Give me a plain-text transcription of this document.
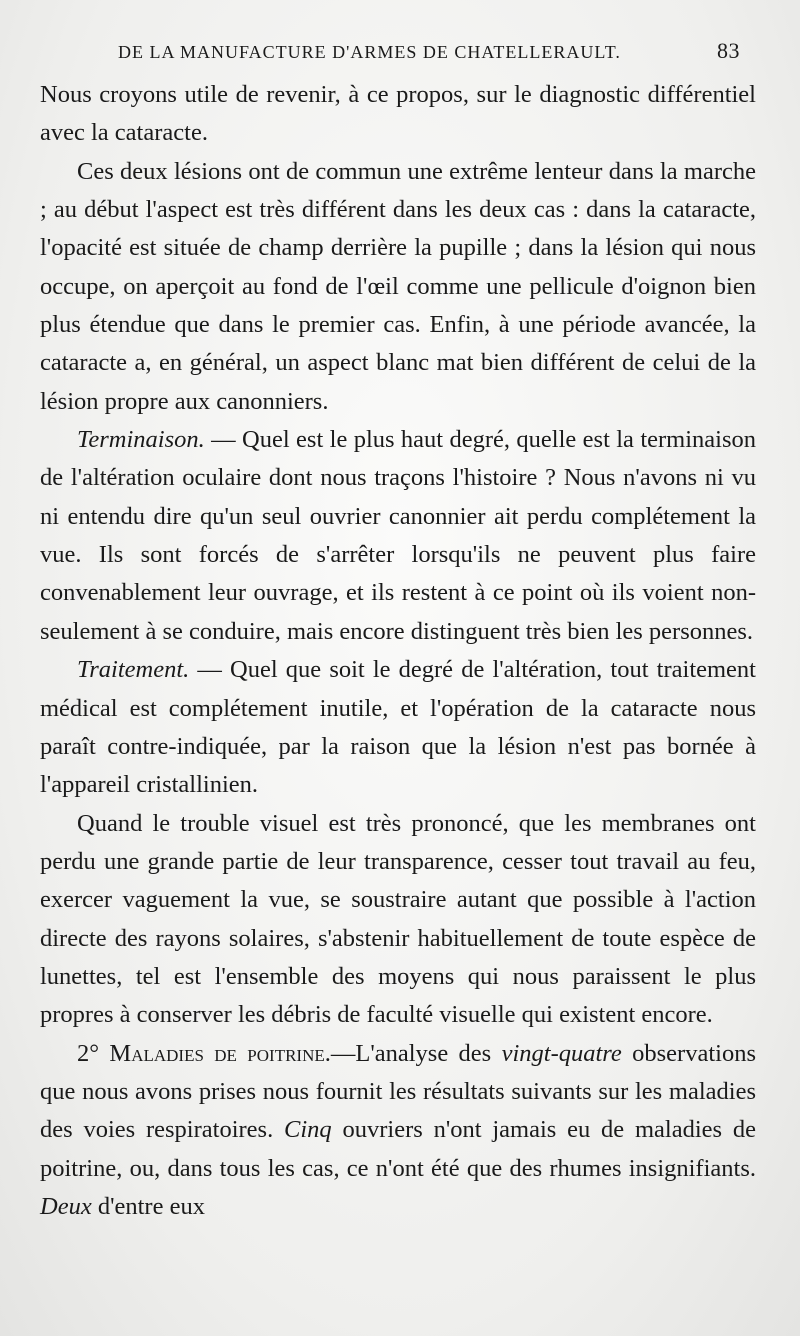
DE LA MANUFACTURE D'ARMES DE CHATELLERAULT.	83

Nous croyons utile de revenir, à ce propos, sur le diagnostic différentiel avec la cataracte.

Ces deux lésions ont de commun une extrême lenteur dans la marche ; au début l'aspect est très différent dans les deux cas : dans la cataracte, l'opacité est située de champ derrière la pupille ; dans la lésion qui nous occupe, on aperçoit au fond de l'œil comme une pellicule d'oignon bien plus étendue que dans le premier cas. Enfin, à une période avancée, la cataracte a, en général, un aspect blanc mat bien différent de celui de la lésion propre aux canonniers.

Terminaison. — Quel est le plus haut degré, quelle est la terminaison de l'altération oculaire dont nous traçons l'histoire ? Nous n'avons ni vu ni entendu dire qu'un seul ouvrier canonnier ait perdu complétement la vue. Ils sont forcés de s'arrêter lorsqu'ils ne peuvent plus faire convenablement leur ouvrage, et ils restent à ce point où ils voient non-seulement à se conduire, mais encore distinguent très bien les personnes.

Traitement. — Quel que soit le degré de l'altération, tout traitement médical est complétement inutile, et l'opération de la cataracte nous paraît contre-indiquée, par la raison que la lésion n'est pas bornée à l'appareil cristallinien.

Quand le trouble visuel est très prononcé, que les membranes ont perdu une grande partie de leur transparence, cesser tout travail au feu, exercer vaguement la vue, se soustraire autant que possible à l'action directe des rayons solaires, s'abstenir habituellement de toute espèce de lunettes, tel est l'ensemble des moyens qui nous paraissent le plus propres à conserver les débris de faculté visuelle qui existent encore.

2° Maladies de poitrine.—L'analyse des vingt-quatre observations que nous avons prises nous fournit les résultats suivants sur les maladies des voies respiratoires. Cinq ouvriers n'ont jamais eu de maladies de poitrine, ou, dans tous les cas, ce n'ont été que des rhumes insignifiants. Deux d'entre eux
